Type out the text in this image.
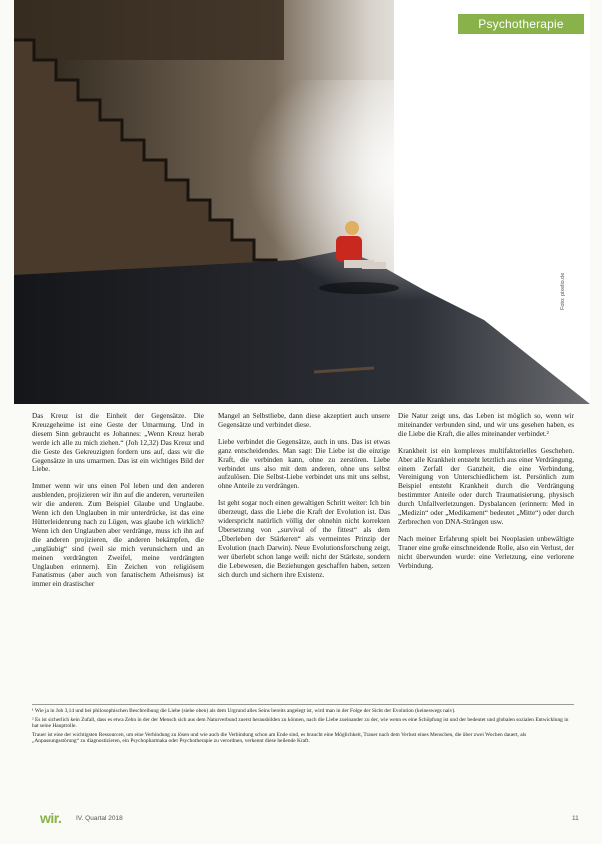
Psychotherapie
Foto: pixelio.de

Das Kreuz ist die Einheit der Gegensätze. Die Kreuzgeheime ist eine Geste der Umarmung. Und in diesem Sinn gebraucht es Johannes: „Wenn Kreuz herab werde ich alle zu mich ziehen.“ (Joh 12,32) Das Kreuz und die Geste des Gekreuzigten fordern uns auf, dass wir die Gegensätze in uns umarmen. Das ist ein wichtiges Bild der Liebe.

Immer wenn wir uns einen Pol leben und den anderen ausblenden, projizieren wir ihn auf die anderen, verurteilen wir die anderen. Zum Beispiel Glaube und Unglaube. Wenn ich den Unglauben in mir unterdrücke, ist das eine Hütterleidenrung nach zu Lügen, was glaube ich wirklich? Wenn ich den Unglauben aber verdränge, muss ich ihn auf die anderen projizieren, die anderen bekämpfen, die „ungläubig“ sind (weil sie mich verunsichern und an meinen verdrängten Zweifel, meine verdrängten Unglauben erinnern). Ein Zeichen von religiösem Fanatismus (aber auch von fanatischem Atheismus) ist immer ein drastischer

Mangel an Selbstliebe, dann diese akzeptiert auch unsere Gegensätze und verbindet diese.

Liebe verbindet die Gegensätze, auch in uns. Das ist etwas ganz entscheidendes. Man sagt: Die Liebe ist die einzige Kraft, die verbinden kann, ohne zu zerstören. Liebe verbindet uns also mit dem anderen, ohne uns selbst aufzulösen. Die Selbst-Liebe verbindet uns mit uns selbst, ohne Anteile zu verdrängen.

Ist geht sogar noch einen gewaltigen Schritt weiter: Ich bin überzeugt, dass die Liebe die Kraft der Evolution ist. Das widerspricht natürlich völlig der ohnehin nicht korrekten Übersetzung von „survival of the fittest“ als dem „Überleben der Stärkeren“ als vermeintes Prinzip der Evolution (nach Darwin). Neue Evolutionsforschung zeigt, wer überlebt schon lange weiß: nicht der Stärkste, sondern die Lebewesen, die Beziehungen geschaffen haben, setzen sich durch und sichern ihre Existenz.

Die Natur zeigt uns, das Leben ist möglich so, wenn wir miteinander verbunden sind, und wir uns gesehen haben, es die Liebe die Kraft, die alles miteinander verbindet.²

Krankheit ist ein komplexes multifaktorielles Geschehen. Aber alle Krankheit entsteht letztlich aus einer Verdrängung, einem Zerfall der Ganzheit, die eine Verbindung, Vereinigung von Unterschiedlichem ist. Persönlich zum Beispiel entsteht Krankheit durch die Verdrängung bestimmter Anteile oder durch Traumatisierung, physisch durch Unfallverletzungen. Dysbalancen (erinnern: Med in „Medizin“ oder „Medikament“ bedeutet „Mitte“) oder durch Zerbrechen von DNA-Strängen usw.

Nach meiner Erfahrung spielt bei Neoplasien unbewältigte Traner eine große einschneidende Rolle, also ein Verlust, der nicht überwunden wurde: eine Verletzung, eine verlorene Verbindung.

¹ Wie ja in Joh 3,14 und bei philosophischen Beschreibung die Liebe (siehe oben) als dem Urgrund alles Seins bereits angelegt ist, wird man in der Folge der Sicht der Evolution (keineswegs naiv).

² Es ist sicherlich kein Zufall, dass es etwa Zehn in der der Mensch sich aus dem Naturverbund zuerst herausbilden zu können, nach die Liebe zueinander zu der, wie wenn es eine Schöpfung ist und der bedeutet und globalen sozialen Entwicklung in hat seine Hauptrolle.

Trauer ist eine der wichtigsten Ressourcen, um eine Verbindung zu lösen und wie auch die Verbindung schon am Ende sind, es braucht eine Möglichkeit, Trauer nach dem Verlust eines Menschen, die über zwei Wochen dauert, als „Anpassungsstörung“ zu diagnostizieren, ein Psychopharmaka oder Psychotherapie zu verordnen, verkennt diese heilende Kraft.

wir. IV. Quartal 2018	11
